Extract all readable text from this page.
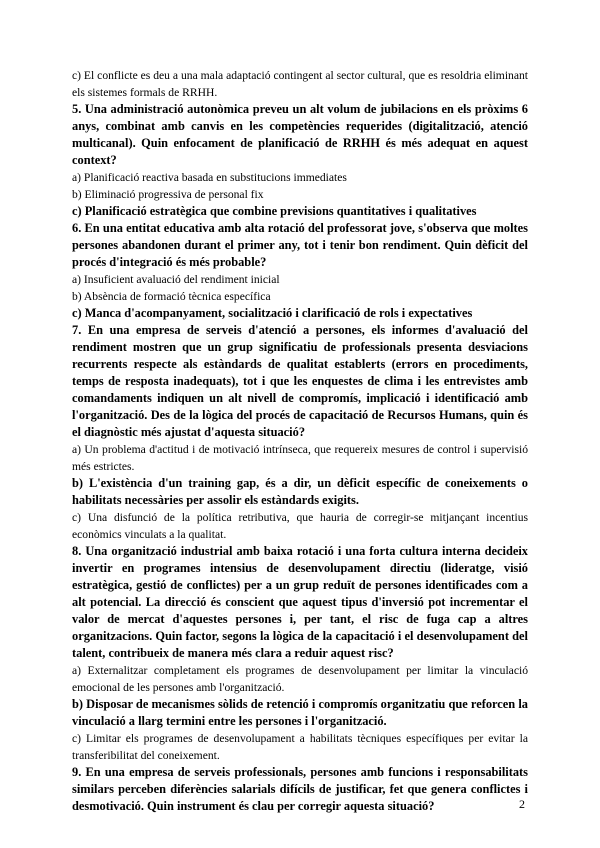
c) El conflicte es deu a una mala adaptació contingent al sector cultural, que es resoldria eliminant els sistemes formals de RRHH.

5. Una administració autonòmica preveu un alt volum de jubilacions en els pròxims 6 anys, combinat amb canvis en les competències requerides (digitalització, atenció multicanal). Quin enfocament de planificació de RRHH és més adequat en aquest context?

a) Planificació reactiva basada en substitucions immediates

b) Eliminació progressiva de personal fix

c) Planificació estratègica que combine previsions quantitatives i qualitatives

6. En una entitat educativa amb alta rotació del professorat jove, s'observa que moltes persones abandonen durant el primer any, tot i tenir bon rendiment. Quin dèficit del procés d'integració és més probable?

a) Insuficient avaluació del rendiment inicial

b) Absència de formació tècnica específica

c) Manca d'acompanyament, socialització i clarificació de rols i expectatives

7. En una empresa de serveis d'atenció a persones, els informes d'avaluació del rendiment mostren que un grup significatiu de professionals presenta desviacions recurrents respecte als estàndards de qualitat establerts (errors en procediments, temps de resposta inadequats), tot i que les enquestes de clima i les entrevistes amb comandaments indiquen un alt nivell de compromís, implicació i identificació amb l'organització. Des de la lògica del procés de capacitació de Recursos Humans, quin és el diagnòstic més ajustat d'aquesta situació?

a) Un problema d'actitud i de motivació intrínseca, que requereix mesures de control i supervisió més estrictes.

b) L'existència d'un training gap, és a dir, un dèficit específic de coneixements o habilitats necessàries per assolir els estàndards exigits.

c) Una disfunció de la política retributiva, que hauria de corregir-se mitjançant incentius econòmics vinculats a la qualitat.

8. Una organització industrial amb baixa rotació i una forta cultura interna decideix invertir en programes intensius de desenvolupament directiu (lideratge, visió estratègica, gestió de conflictes) per a un grup reduït de persones identificades com a alt potencial. La direcció és conscient que aquest tipus d'inversió pot incrementar el valor de mercat d'aquestes persones i, per tant, el risc de fuga cap a altres organitzacions. Quin factor, segons la lògica de la capacitació i el desenvolupament del talent, contribueix de manera més clara a reduir aquest risc?

a) Externalitzar completament els programes de desenvolupament per limitar la vinculació emocional de les persones amb l'organització.

b) Disposar de mecanismes sòlids de retenció i compromís organitzatiu que reforcen la vinculació a llarg termini entre les persones i l'organització.

c) Limitar els programes de desenvolupament a habilitats tècniques específiques per evitar la transferibilitat del coneixement.

9. En una empresa de serveis professionals, persones amb funcions i responsabilitats similars perceben diferències salarials difícils de justificar, fet que genera conflictes i desmotivació. Quin instrument és clau per corregir aquesta situació?	2
